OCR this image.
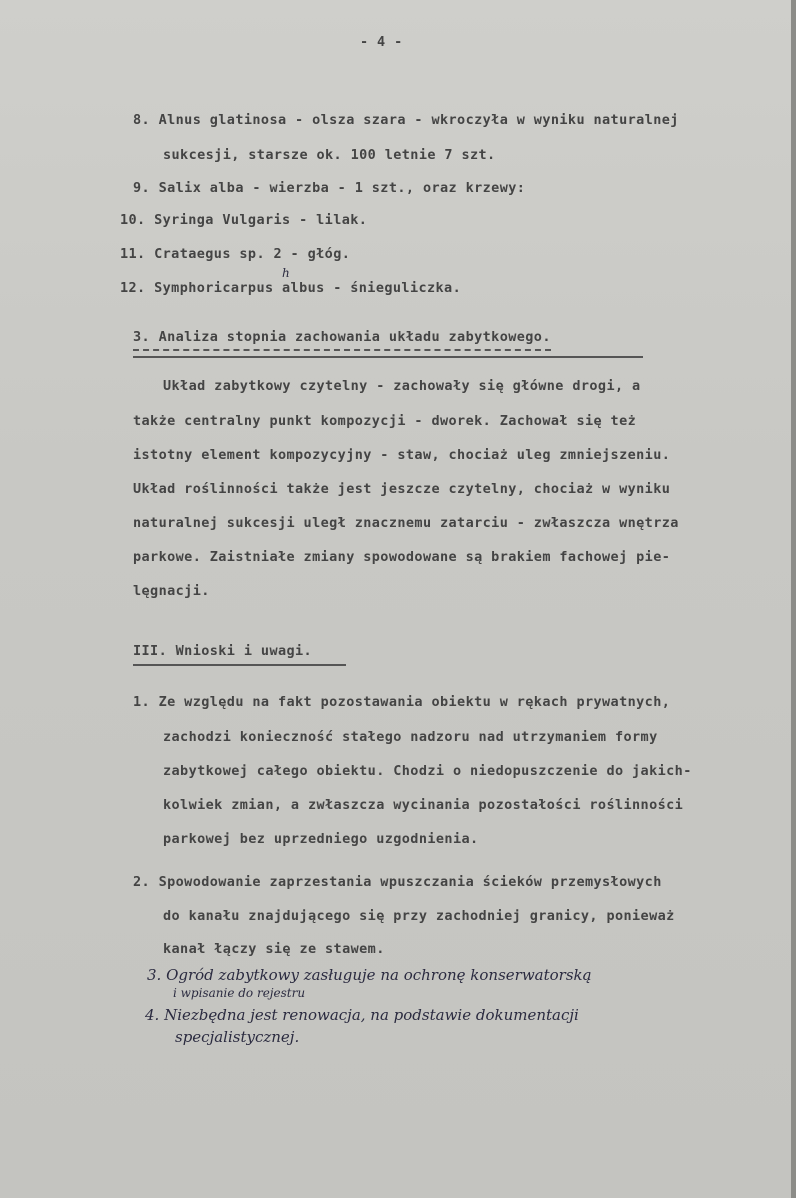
- 4 -
8. Alnus glatinosa - olsza szara - wkroczyła w wyniku naturalnej
sukcesji, starsze ok. 100 letnie 7 szt.
9. Salix alba - wierzba - 1 szt., oraz krzewy:
10. Syringa Vulgaris - lilak.
11. Crataegus sp. 2 - głóg.
h
12. Symphoricarpus albus - śnieguliczka.
3. Analiza stopnia zachowania układu zabytkowego.
Układ zabytkowy czytelny - zachowały się główne drogi, a
także centralny punkt kompozycji - dworek. Zachował się też
istotny element kompozycyjny - staw, chociaż uleg zmniejszeniu.
Układ roślinności także jest jeszcze czytelny, chociaż w wyniku
naturalnej sukcesji uległ znacznemu zatarciu - zwłaszcza wnętrza
parkowe. Zaistniałe zmiany spowodowane są brakiem fachowej pie-
lęgnacji.
III. Wnioski i uwagi.
1. Ze względu na fakt pozostawania obiektu w rękach prywatnych,
zachodzi konieczność stałego nadzoru nad utrzymaniem formy
zabytkowej całego obiektu. Chodzi o niedopuszczenie do jakich-
kolwiek zmian, a zwłaszcza wycinania pozostałości roślinności
parkowej bez uprzedniego uzgodnienia.
2. Spowodowanie zaprzestania wpuszczania ścieków przemysłowych
do kanału znajdującego się przy zachodniej granicy, ponieważ
kanał łączy się ze stawem.
3. Ogród zabytkowy zasługuje na ochronę konserwatorską
i wpisanie do rejestru
4. Niezbędna jest renowacja, na podstawie dokumentacji
specjalistycznej.
